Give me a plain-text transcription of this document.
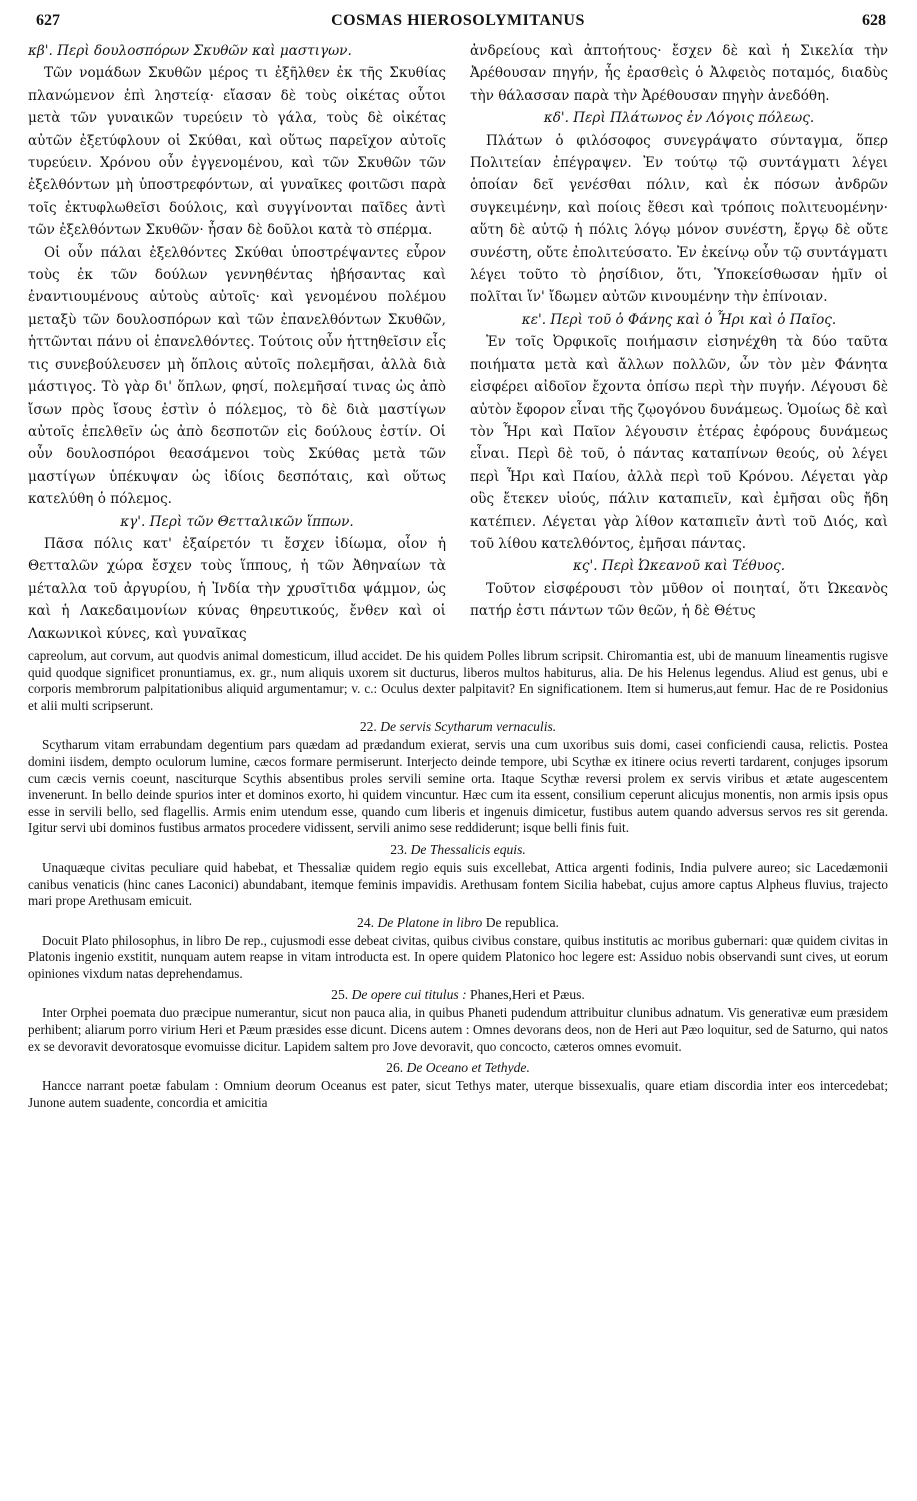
627	COSMAS HIEROSOLYMITANUS	628

κβ'. Περὶ δουλοσπόρων Σκυθῶν καὶ μαστιγων.

Τῶν νομάδων Σκυθῶν μέρος τι ἐξῆλθεν ἐκ τῆς Σκυθίας πλανώμενον ἐπὶ ληστείᾳ· εἴασαν δὲ τοὺς οἰκέτας οὗτοι μετὰ τῶν γυναικῶν τυρεύειν τὸ γάλα, τοὺς δὲ οἰκέτας αὐτῶν ἐξετύφλουν οἱ Σκύθαι, καὶ οὕτως παρεῖχον αὐτοῖς τυρεύειν. Χρόνου οὖν ἐγγενομένου, καὶ τῶν Σκυθῶν τῶν ἐξελθόντων μὴ ὑποστρεφόντων, αἱ γυναῖκες φοιτῶσι παρὰ τοῖς ἐκτυφλωθεῖσι δούλοις, καὶ συγγίνονται παῖδες ἀντὶ τῶν ἐξελθόντων Σκυθῶν· ἦσαν δὲ δοῦλοι κατὰ τὸ σπέρμα.

Οἱ οὖν πάλαι ἐξελθόντες Σκύθαι ὑποστρέψαντες εὗρον τοὺς ἐκ τῶν δούλων γεννηθέντας ἡβήσαντας καὶ ἐναντιουμένους αὐτοὺς αὐτοῖς· καὶ γενομένου πολέμου μεταξὺ τῶν δουλοσπόρων καὶ τῶν ἐπανελθόντων Σκυθῶν, ἡττῶνται πάνυ οἱ ἐπανελθόντες. Τούτοις οὖν ἡττηθεῖσιν εἷς τις συνεβούλευσεν μὴ ὅπλοις αὐτοῖς πολεμῆσαι, ἀλλὰ διὰ μάστιγος. Τὸ γὰρ δι' ὅπλων, φησί, πολεμῆσαί τινας ὡς ἀπὸ ἴσων πρὸς ἴσους ἐστὶν ὁ πόλεμος, τὸ δὲ διὰ μαστίγων αὐτοῖς ἐπελθεῖν ὡς ἀπὸ δεσποτῶν εἰς δούλους ἐστίν. Οἱ οὖν δουλοσπόροι θεασάμενοι τοὺς Σκύθας μετὰ τῶν μαστίγων ὑπέκυψαν ὡς ἰδίοις δεσπόταις, καὶ οὕτως κατελύθη ὁ πόλεμος.

κγ'. Περὶ τῶν Θετταλικῶν ἵππων.

Πᾶσα πόλις κατ' ἐξαίρετόν τι ἔσχεν ἰδίωμα, οἷον ἡ Θετταλῶν χώρα ἔσχεν τοὺς ἵππους, ἡ τῶν Ἀθηναίων τὰ μέταλλα τοῦ ἀργυρίου, ἡ Ἰνδία τὴν χρυσῖτιδα ψάμμον, ὡς καὶ ἡ Λακεδαιμονίων κύνας θηρευτικούς, ἔνθεν καὶ οἱ Λακωνικοὶ κύνες, καὶ γυναῖκας

ἀνδρείους καὶ ἀπτοήτους· ἔσχεν δὲ καὶ ἡ Σικελία τὴν Ἀρέθουσαν πηγήν, ἧς ἐρασθεὶς ὁ Ἀλφειὸς ποταμός, διαδὺς τὴν θάλασσαν παρὰ τὴν Ἀρέθουσαν πηγὴν ἀνεδόθη.

κδ'. Περὶ Πλάτωνος ἐν Λόγοις πόλεως.

Πλάτων ὁ φιλόσοφος συνεγράψατο σύνταγμα, ὅπερ Πολιτείαν ἐπέγραψεν. Ἐν τούτῳ τῷ συντάγματι λέγει ὁποίαν δεῖ γενέσθαι πόλιν, καὶ ἐκ πόσων ἀνδρῶν συγκειμένην, καὶ ποίοις ἔθεσι καὶ τρόποις πολιτευομένην· αὕτη δὲ αὐτῷ ἡ πόλις λόγῳ μόνον συνέστη, ἔργῳ δὲ οὔτε συνέστη, οὔτε ἐπολιτεύσατο. Ἐν ἐκείνῳ οὖν τῷ συντάγματι λέγει τοῦτο τὸ ῥησίδιον, ὅτι, Ὑποκείσθωσαν ἡμῖν οἱ πολῖται ἵν' ἴδωμεν αὐτῶν κινουμένην τὴν ἐπίνοιαν.

κε'. Περὶ τοῦ ὁ Φάνης καὶ ὁ Ἦρι καὶ ὁ Παῖος.

Ἐν τοῖς Ὀρφικοῖς ποιήμασιν εἰσηνέχθη τὰ δύο ταῦτα ποιήματα μετὰ καὶ ἄλλων πολλῶν, ὧν τὸν μὲν Φάνητα εἰσφέρει αἰδοῖον ἔχοντα ὀπίσω περὶ τὴν πυγήν. Λέγουσι δὲ αὐτὸν ἔφορον εἶναι τῆς ζῳογόνου δυνάμεως. Ὁμοίως δὲ καὶ τὸν Ἦρι καὶ Παῖον λέγουσιν ἑτέρας ἐφόρους δυνάμεως εἶναι. Περὶ δὲ τοῦ, ὁ πάντας καταπίνων θεούς, οὐ λέγει περὶ Ἦρι καὶ Παίου, ἀλλὰ περὶ τοῦ Κρόνου. Λέγεται γὰρ οὓς ἔτεκεν υἱούς, πάλιν καταπιεῖν, καὶ ἐμῆσαι οὓς ἤδη κατέπιεν. Λέγεται γὰρ λίθον καταπιεῖν ἀντὶ τοῦ Διός, καὶ τοῦ λίθου κατελθόντος, ἐμῆσαι πάντας.

κς'. Περὶ Ὠκεανοῦ καὶ Τέθυος.

Τοῦτον εἰσφέρουσι τὸν μῦθον οἱ ποιηταί, ὅτι Ὠκεανὸς πατήρ ἐστι πάντων τῶν θεῶν, ἡ δὲ Θέτυς

capreolum, aut corvum, aut quodvis animal domesticum, illud accidet. De his quidem Polles librum scripsit. Chiromantia est, ubi de manuum lineamentis rugisve quid quodque significet pronuntiamus, ex. gr., num aliquis uxorem sit ducturus, liberos multos habiturus, alia. De his Helenus legendus. Aliud est genus, ubi e corporis membrorum palpitationibus aliquid argumentamur; v. c.: Oculus dexter palpitavit? En significationem. Item si humerus,aut femur. Hac de re Posidonius et alii multi scripserunt.

22. De servis Scytharum vernaculis.

Scytharum vitam errabundam degentium pars quædam ad prædandum exierat, servis una cum uxoribus suis domi, casei conficiendi causa, relictis. Postea domini iisdem, dempto oculorum lumine, cæcos formare permiserunt. Interjecto deinde tempore, ubi Scythæ ex itinere ocius reverti tardarent, conjuges ipsorum cum cæcis vernis coeunt, nasciturque Scythis absentibus proles servili semine orta. Itaque Scythæ reversi prolem ex servis viribus et ætate augescentem invenerunt. In bello deinde spurios inter et dominos exorto, hi quidem vincuntur. Hæc cum ita essent, consilium ceperunt alicujus monentis, non armis ipsis opus esse in servili bello, sed flagellis. Armis enim utendum esse, quando cum liberis et ingenuis dimicetur, fustibus autem quando adversus servos res sit gerenda. Igitur servi ubi dominos fustibus armatos procedere vidissent, servili animo sese reddiderunt; isque belli finis fuit.

23. De Thessalicis equis.

Unaquæque civitas peculiare quid habebat, et Thessaliæ quidem regio equis suis excellebat, Attica argenti fodinis, India pulvere aureo; sic Lacedæmonii canibus venaticis (hinc canes Laconici) abundabant, itemque feminis impavidis. Arethusam fontem Sicilia habebat, cujus amore captus Alpheus fluvius, trajecto mari prope Arethusam emicuit.

24. De Platone in libro De republica.

Docuit Plato philosophus, in libro De rep., cujusmodi esse debeat civitas, quibus civibus constare, quibus institutis ac moribus gubernari: quæ quidem civitas in Platonis ingenio exstitit, nunquam autem reapse in vitam introducta est. In opere quidem Platonico hoc legere est: Assiduo nobis observandi sunt cives, ut eorum opiniones vixdum natas deprehendamus.

25. De opere cui titulus : Phanes,Heri et Pæus.

Inter Orphei poemata duo præcipue numerantur, sicut non pauca alia, in quibus Phaneti pudendum attribuitur clunibus adnatum. Vis generativæ eum præsidem perhibent; aliarum porro virium Heri et Pæum præsides esse dicunt. Dicens autem : Omnes devorans deos, non de Heri aut Pæo loquitur, sed de Saturno, qui natos ex se devoravit devoratosque evomuisse dicitur. Lapidem saltem pro Jove devoravit, quo concocto, cæteros omnes evomuit.

26. De Oceano et Tethyde.

Hancce narrant poetæ fabulam : Omnium deorum Oceanus est pater, sicut Tethys mater, uterque bissexualis, quare etiam discordia inter eos intercedebat; Junone autem suadente, concordia et amicitia
